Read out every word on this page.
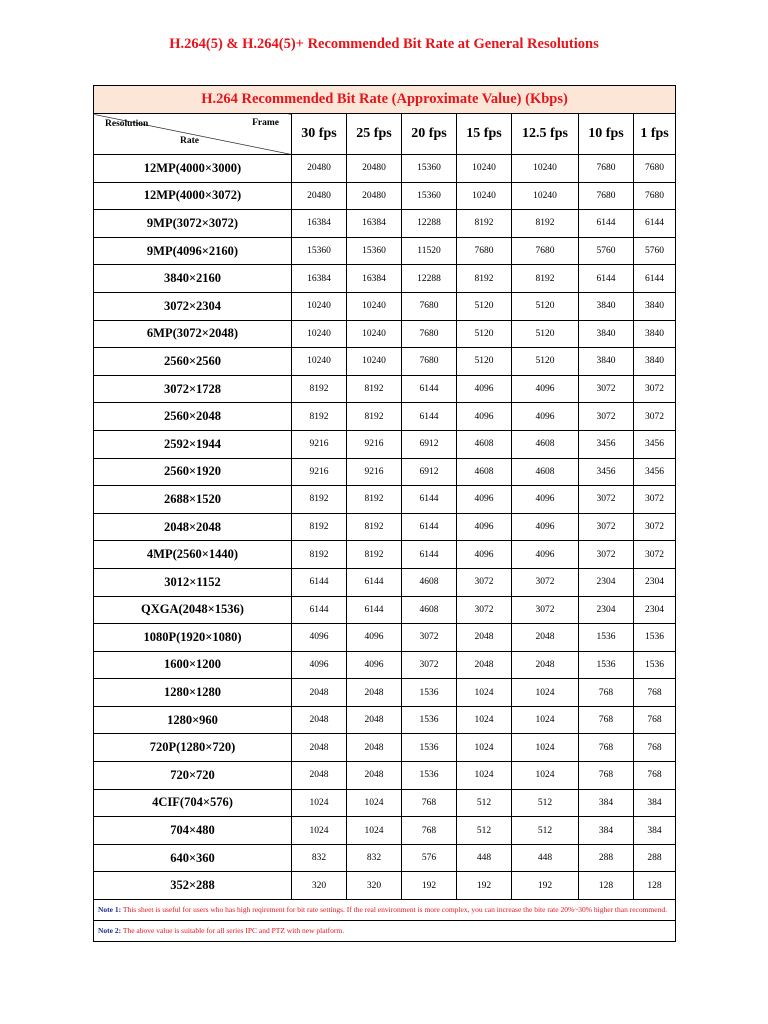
H.264(5) & H.264(5)+ Recommended Bit Rate at General Resolutions
H.264 Recommended Bit Rate (Approximate Value) (Kbps)							

Resolution Frame
Rate	30 fps	25 fps	20 fps	15 fps	12.5 fps	10 fps	1 fps
12MP(4000×3000)	20480	20480	15360	10240	10240	7680	7680
12MP(4000×3072)	20480	20480	15360	10240	10240	7680	7680
9MP(3072×3072)	16384	16384	12288	8192	8192	6144	6144
9MP(4096×2160)	15360	15360	11520	7680	7680	5760	5760
3840×2160	16384	16384	12288	8192	8192	6144	6144
3072×2304	10240	10240	7680	5120	5120	3840	3840
6MP(3072×2048)	10240	10240	7680	5120	5120	3840	3840
2560×2560	10240	10240	7680	5120	5120	3840	3840
3072×1728	8192	8192	6144	4096	4096	3072	3072
2560×2048	8192	8192	6144	4096	4096	3072	3072
2592×1944	9216	9216	6912	4608	4608	3456	3456
2560×1920	9216	9216	6912	4608	4608	3456	3456
2688×1520	8192	8192	6144	4096	4096	3072	3072
2048×2048	8192	8192	6144	4096	4096	3072	3072
4MP(2560×1440)	8192	8192	6144	4096	4096	3072	3072
3012×1152	6144	6144	4608	3072	3072	2304	2304
QXGA(2048×1536)	6144	6144	4608	3072	3072	2304	2304
1080P(1920×1080)	4096	4096	3072	2048	2048	1536	1536
1600×1200	4096	4096	3072	2048	2048	1536	1536
1280×1280	2048	2048	1536	1024	1024	768	768
1280×960	2048	2048	1536	1024	1024	768	768
720P(1280×720)	2048	2048	1536	1024	1024	768	768
720×720	2048	2048	1536	1024	1024	768	768
4CIF(704×576)	1024	1024	768	512	512	384	384
704×480	1024	1024	768	512	512	384	384
640×360	832	832	576	448	448	288	288
352×288	320	320	192	192	192	128	128
Note 1: This sheet is useful for users who has high reqirement for bit rate settings. If the real environment is more complex, you can increase the bite rate 20%~30% higher than recommend.							
Note 2: The above value is suitable for all series IPC and PTZ with new platform.							
